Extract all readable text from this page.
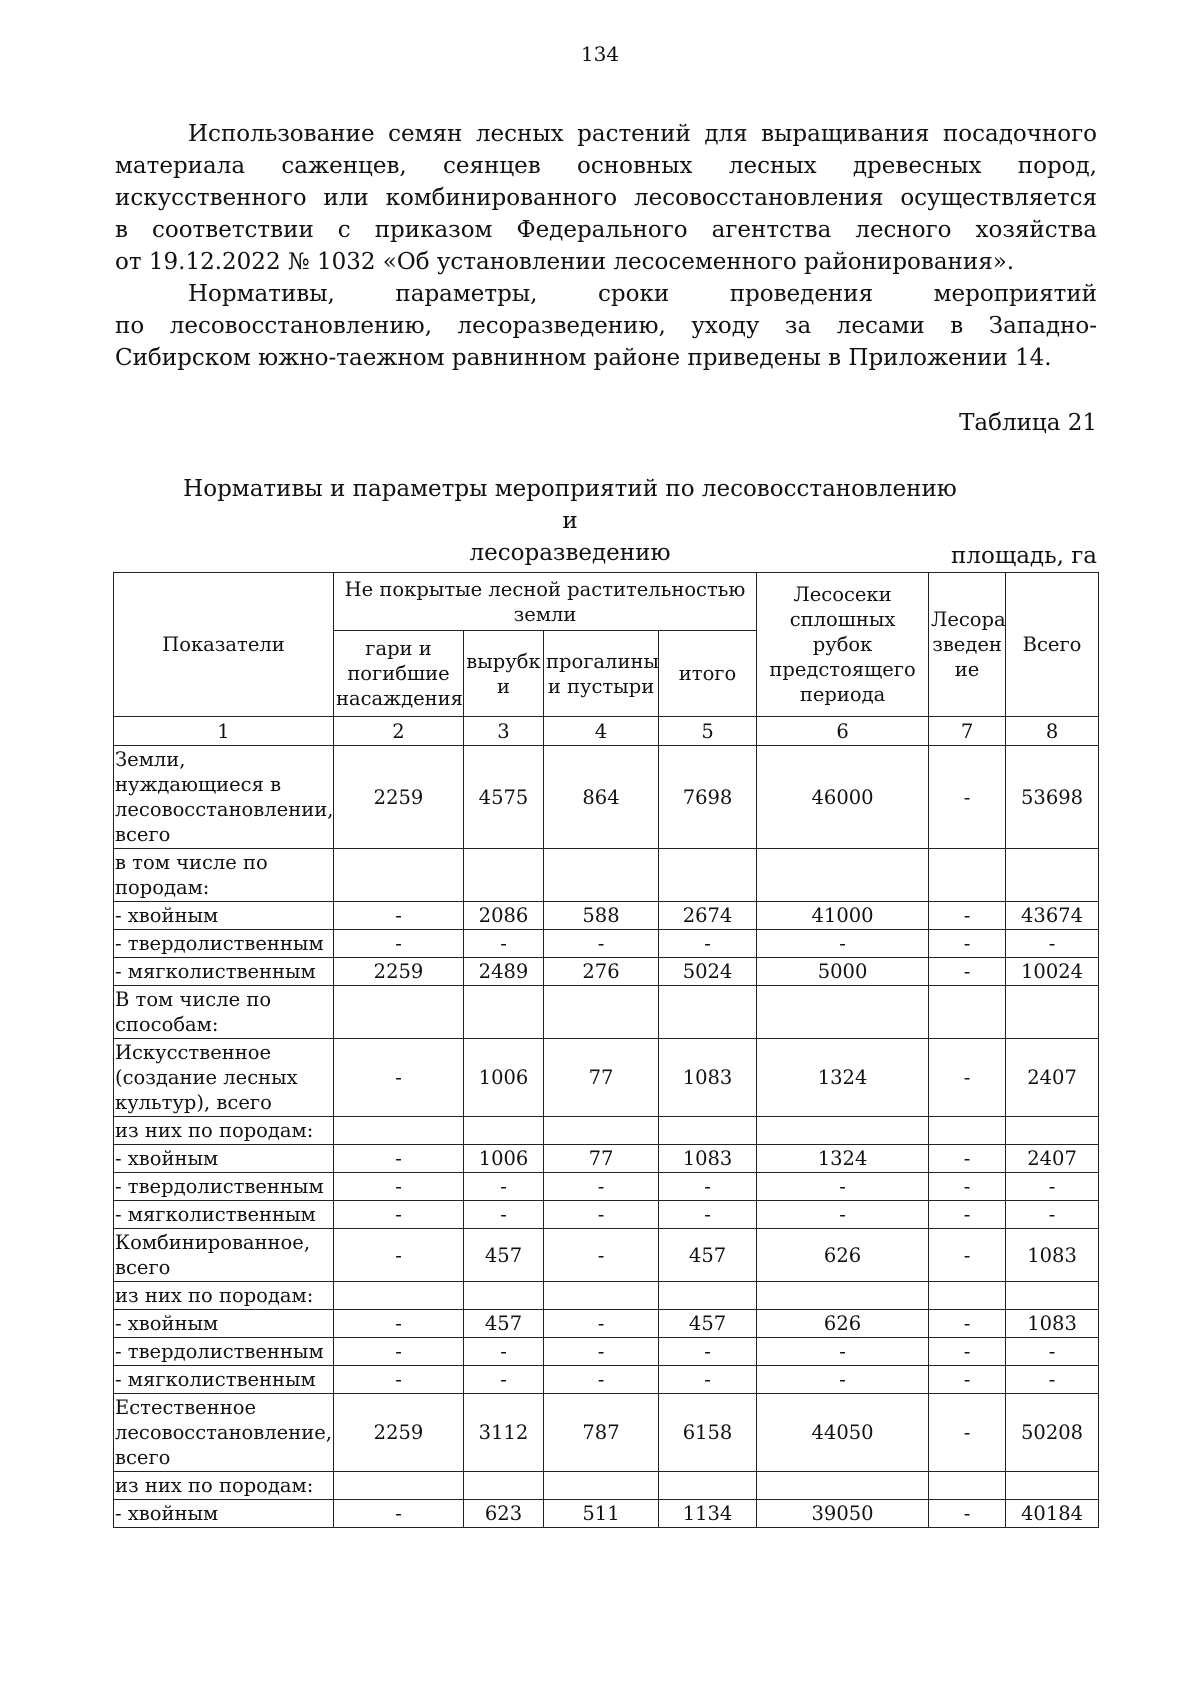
134

Использование семян лесных растений для выращивания посадочного
материала саженцев, сеянцев основных лесных древесных пород,
искусственного или комбинированного лесовосстановления осуществляется
в соответствии с приказом Федерального агентства лесного хозяйства
от 19.12.2022 № 1032 «Об установлении лесосеменного районирования».

Нормативы, параметры, сроки проведения мероприятий
по лесовосстановлению, лесоразведению, уходу за лесами в Западно-
Сибирском южно-таежном равнинном районе приведены в Приложении 14.

Таблица 21
Нормативы и параметры мероприятий по лесовосстановлению и
лесоразведению	площадь, га
Показатели	Не покрытые лесной растительностью земли				Лесосеки сплошных рубок предстоящего периода	Лесора зведен ие	Всего
	гари и погибшие насаждения	вырубк и	прогалины и пустыри	итого			
1	2	3	4	5	6	7	8
Земли, нуждающиеся в лесовосстановлении, всего	2259	4575	864	7698	46000	-	53698
в том числе по породам:							
- хвойным	-	2086	588	2674	41000	-	43674
- твердолиственным	-	-	-	-	-	-	-
- мягколиственным	2259	2489	276	5024	5000	-	10024
В том числе по способам:							
Искусственное (создание лесных культур), всего	-	1006	77	1083	1324	-	2407
из них по породам:							
- хвойным	-	1006	77	1083	1324	-	2407
- твердолиственным	-	-	-	-	-	-	-
- мягколиственным	-	-	-	-	-	-	-
Комбинированное, всего	-	457	-	457	626	-	1083
из них по породам:							
- хвойным	-	457	-	457	626	-	1083
- твердолиственным	-	-	-	-	-	-	-
- мягколиственным	-	-	-	-	-	-	-
Естественное лесовосстановление, всего	2259	3112	787	6158	44050	-	50208
из них по породам:							
- хвойным	-	623	511	1134	39050	-	40184
